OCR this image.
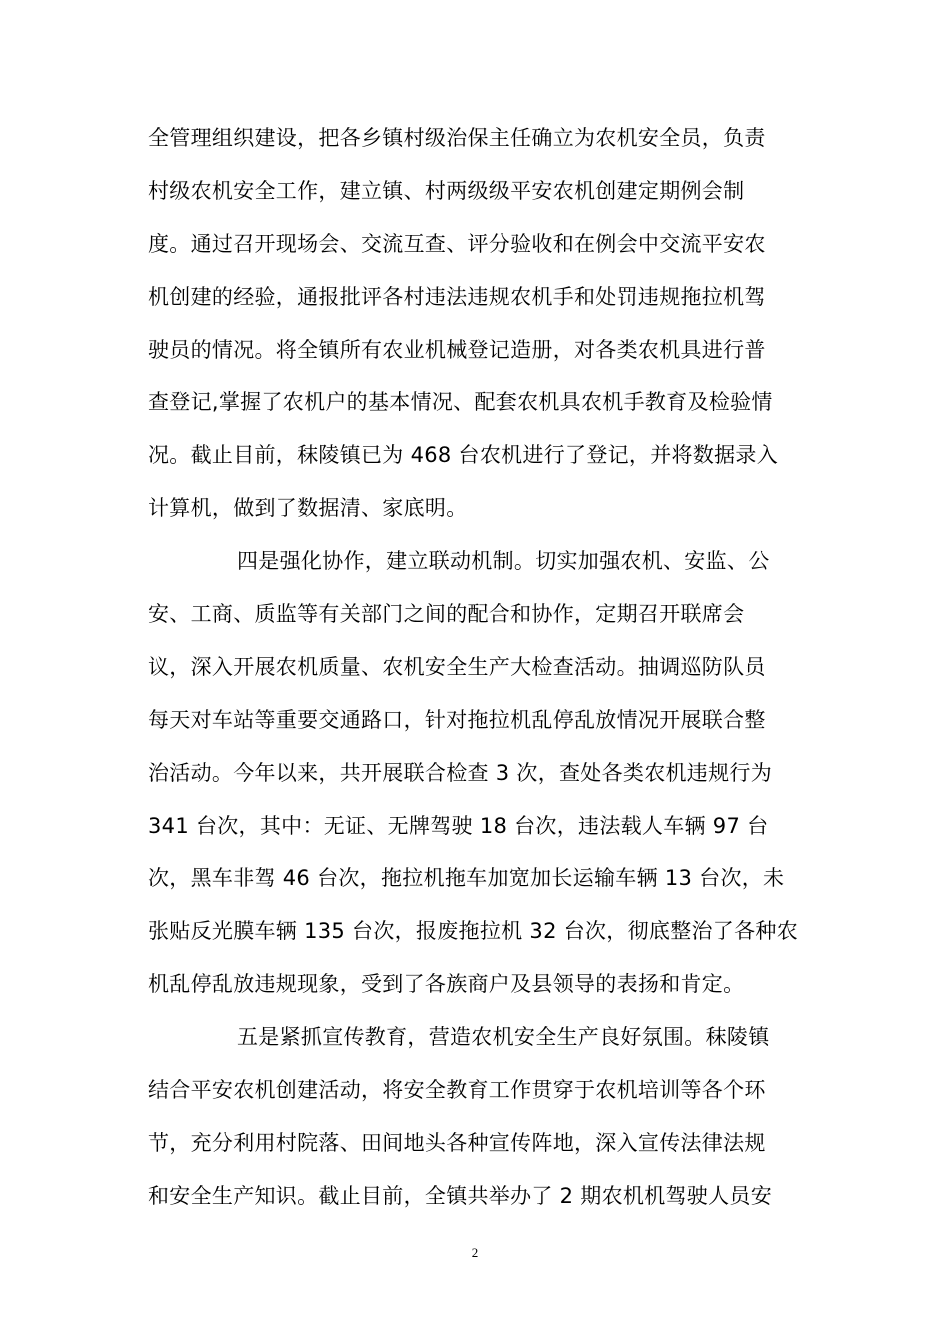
全管理组织建设，把各乡镇村级治保主任确立为农机安全员，负责
村级农机安全工作，建立镇、村两级级平安农机创建定期例会制
度。通过召开现场会、交流互查、评分验收和在例会中交流平安农
机创建的经验，通报批评各村违法违规农机手和处罚违规拖拉机驾
驶员的情况。将全镇所有农业机械登记造册，对各类农机具进行普
查登记,掌握了农机户的基本情况、配套农机具农机手教育及检验情
况。截止目前，秣陵镇已为 468 台农机进行了登记，并将数据录入
计算机，做到了数据清、家底明。
四是强化协作，建立联动机制。切实加强农机、安监、公
安、工商、质监等有关部门之间的配合和协作，定期召开联席会
议，深入开展农机质量、农机安全生产大检查活动。抽调巡防队员
每天对车站等重要交通路口，针对拖拉机乱停乱放情况开展联合整
治活动。今年以来，共开展联合检查 3 次，查处各类农机违规行为
341 台次，其中：无证、无牌驾驶 18 台次，违法载人车辆 97 台
次，黑车非驾 46 台次，拖拉机拖车加宽加长运输车辆 13 台次，未
张贴反光膜车辆 135 台次，报废拖拉机 32 台次，彻底整治了各种农
机乱停乱放违规现象，受到了各族商户及县领导的表扬和肯定。
五是紧抓宣传教育，营造农机安全生产良好氛围。秣陵镇
结合平安农机创建活动，将安全教育工作贯穿于农机培训等各个环
节，充分利用村院落、田间地头各种宣传阵地，深入宣传法律法规
和安全生产知识。截止目前，全镇共举办了 2 期农机机驾驶人员安
2
